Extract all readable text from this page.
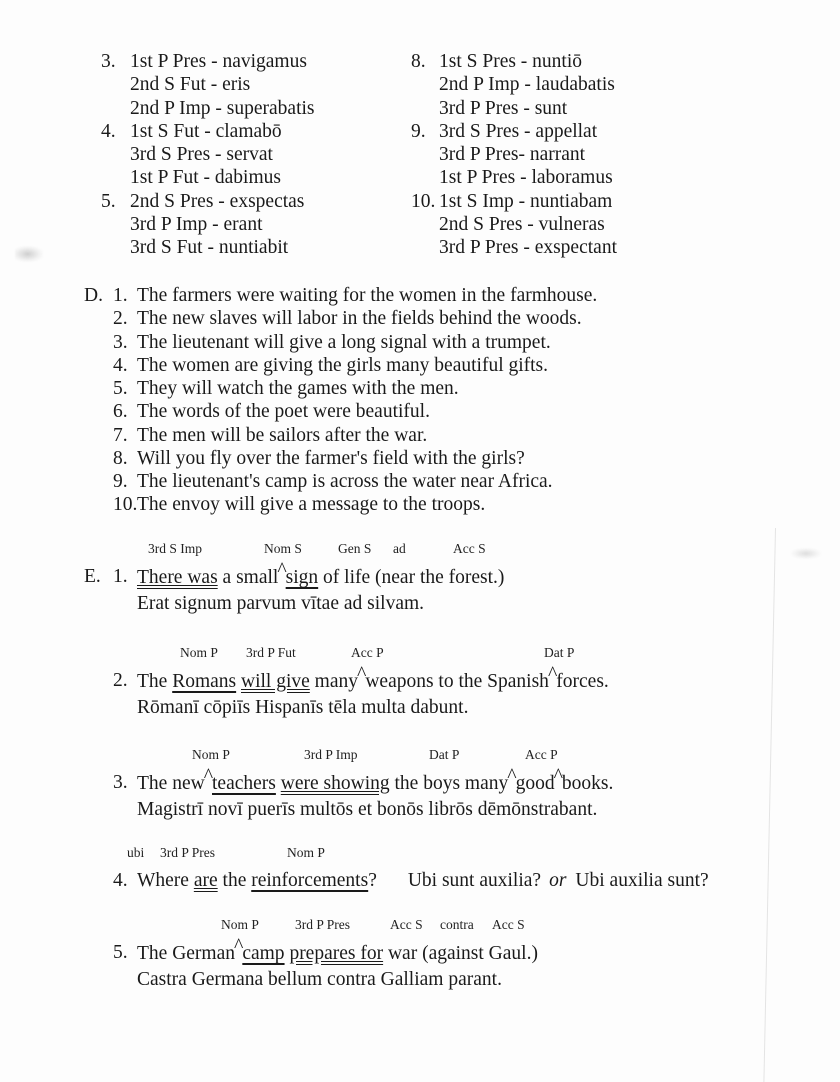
3. 1st P Pres - navigamus
2nd S Fut - eris
2nd P Imp - superabatis
4. 1st S Fut - clamabō
3rd S Pres - servat
1st P Fut - dabimus
5. 2nd S Pres - exspectas
3rd P Imp - erant
3rd S Fut - nuntiabit
8. 1st S Pres - nuntiō
2nd P Imp - laudabatis
3rd P Pres - sunt
9. 3rd S Pres - appellat
3rd P Pres- narrant
1st P Pres - laboramus
10. 1st S Imp - nuntiabam
2nd S Pres - vulneras
3rd P Pres - exspectant
D. 1. The farmers were waiting for the women in the farmhouse.
2. The new slaves will labor in the fields behind the woods.
3. The lieutenant will give a long signal with a trumpet.
4. The women are giving the girls many beautiful gifts.
5. They will watch the games with the men.
6. The words of the poet were beautiful.
7. The men will be sailors after the war.
8. Will you fly over the farmer's field with the girls?
9. The lieutenant's camp is across the water near Africa.
10. The envoy will give a message to the troops.
3rd S Imp	Nom S	Gen S ad	Acc S
E. 1. There was a small^sign of life (near the forest.)
Erat signum parvum vītae ad silvam.
Nom P 3rd P Fut	Acc P	Dat P
2. The Romans will give many^weapons to the Spanish^forces.
Rōmanī cōpiīs Hispanīs tēla multa dabunt.
Nom P	3rd P Imp	Dat P	Acc P
3. The new^teachers were showing the boys many^good^books.
Magistrī novī puerīs multōs et bonōs librōs dēmōnstrabant.
ubi 3rd P Pres	Nom P
4. Where are the reinforcements? Ubi sunt auxilia? or Ubi auxilia sunt?
Nom P	3rd P Pres	Acc S contra Acc S
5. The German^camp prepares for war (against Gaul.)
Castra Germana bellum contra Galliam parant.
